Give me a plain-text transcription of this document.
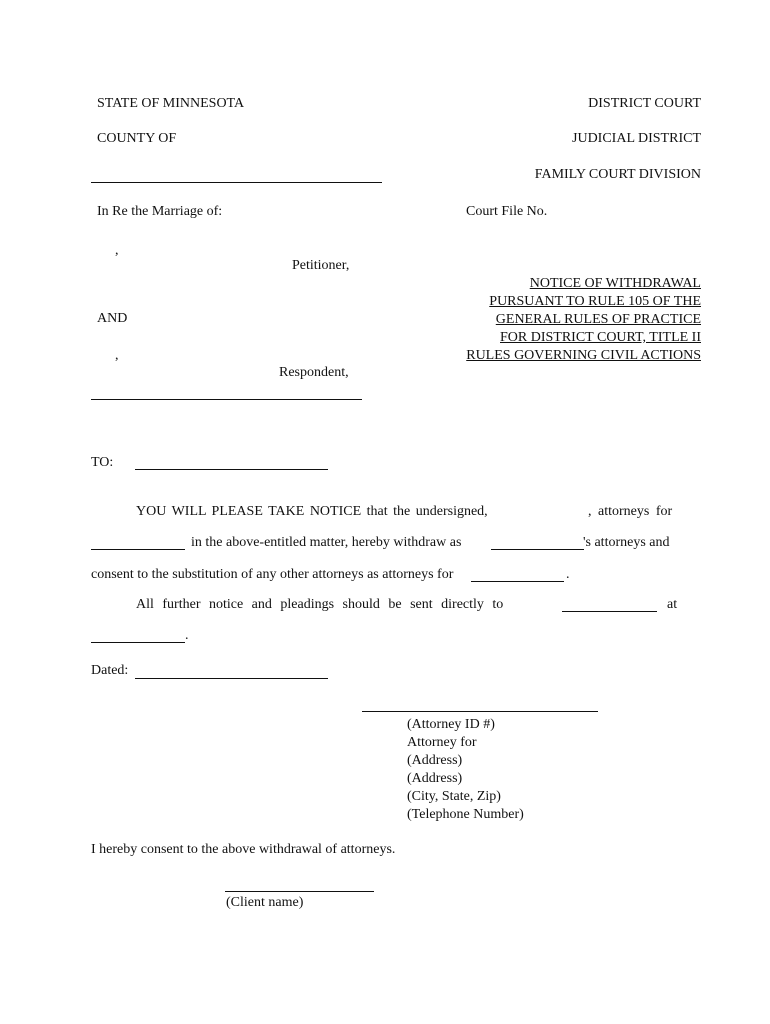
STATE OF MINNESOTA
COUNTY OF
In Re the Marriage of:
,
Petitioner,
AND
,
Respondent,
DISTRICT COURT
JUDICIAL DISTRICT
FAMILY COURT DIVISION
Court File No.
NOTICE OF WITHDRAWAL
PURSUANT TO RULE 105 OF THE
GENERAL RULES OF PRACTICE
FOR DISTRICT COURT, TITLE II
RULES GOVERNING CIVIL ACTIONS
TO:
YOU WILL PLEASE TAKE NOTICE that the undersigned,	, attorneys for
in the above-entitled matter, hereby withdraw as	's attorneys and
consent to the substitution of any other attorneys as attorneys for	.
All further notice and pleadings should be sent directly to	at
.
Dated:
(Attorney ID #)
Attorney for
(Address)
(Address)
(City, State, Zip)
(Telephone Number)
I hereby consent to the above withdrawal of attorneys.
(Client name)
